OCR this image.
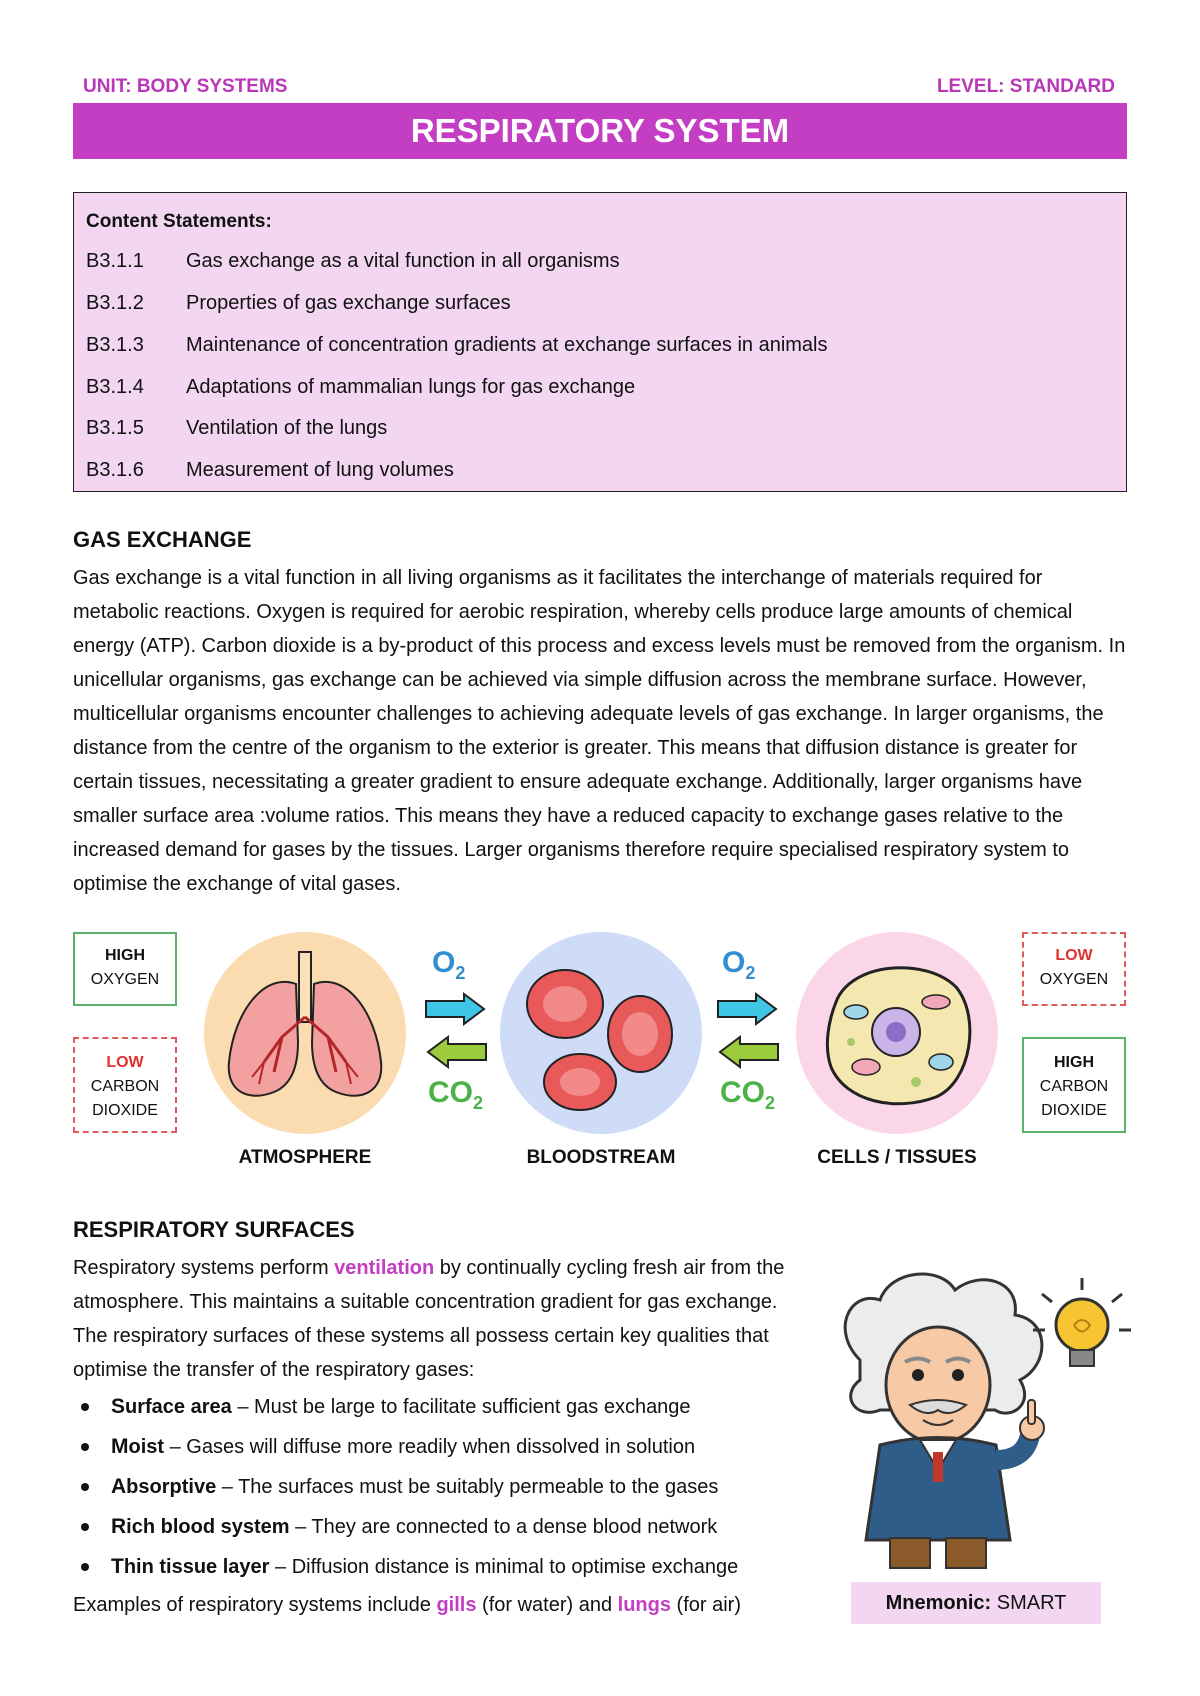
UNIT: BODY SYSTEMS	LEVEL: STANDARD
RESPIRATORY SYSTEM
Content Statements:
B3.1.1 Gas exchange as a vital function in all organisms
B3.1.2 Properties of gas exchange surfaces
B3.1.3 Maintenance of concentration gradients at exchange surfaces in animals
B3.1.4 Adaptations of mammalian lungs for gas exchange
B3.1.5 Ventilation of the lungs
B3.1.6 Measurement of lung volumes
GAS EXCHANGE

Gas exchange is a vital function in all living organisms as it facilitates the interchange of materials required for metabolic reactions. Oxygen is required for aerobic respiration, whereby cells produce large amounts of chemical energy (ATP). Carbon dioxide is a by-product of this process and excess levels must be removed from the organism. In unicellular organisms, gas exchange can be achieved via simple diffusion across the membrane surface. However, multicellular organisms encounter challenges to achieving adequate levels of gas exchange. In larger organisms, the distance from the centre of the organism to the exterior is greater. This means that diffusion distance is greater for certain tissues, necessitating a greater gradient to ensure adequate exchange. Additionally, larger organisms have smaller surface area :volume ratios. This means they have a reduced capacity to exchange gases relative to the increased demand for gases by the tissues. Larger organisms therefore require specialised respiratory system to optimise the exchange of vital gases.

HIGH
OXYGEN
LOW
CARBON
DIOXIDE
LOW
OXYGEN
HIGH
CARBON
DIOXIDE
$O_2$
$CO_2$
$O_2$
$CO_2$
ATMOSPHERE	BLOODSTREAM	CELLS / TISSUES
RESPIRATORY SURFACES

Respiratory systems perform ventilation by continually cycling fresh air from the atmosphere. This maintains a suitable concentration gradient for gas exchange. The respiratory surfaces of these systems all possess certain key qualities that optimise the transfer of the respiratory gases:

Surface area – Must be large to facilitate sufficient gas exchange
Moist – Gases will diffuse more readily when dissolved in solution
Absorptive – The surfaces must be suitably permeable to the gases
Rich blood system – They are connected to a dense blood network
Thin tissue layer – Diffusion distance is minimal to optimise exchange
Examples of respiratory systems include gills (for water) and lungs (for air)	Mnemonic: SMART
